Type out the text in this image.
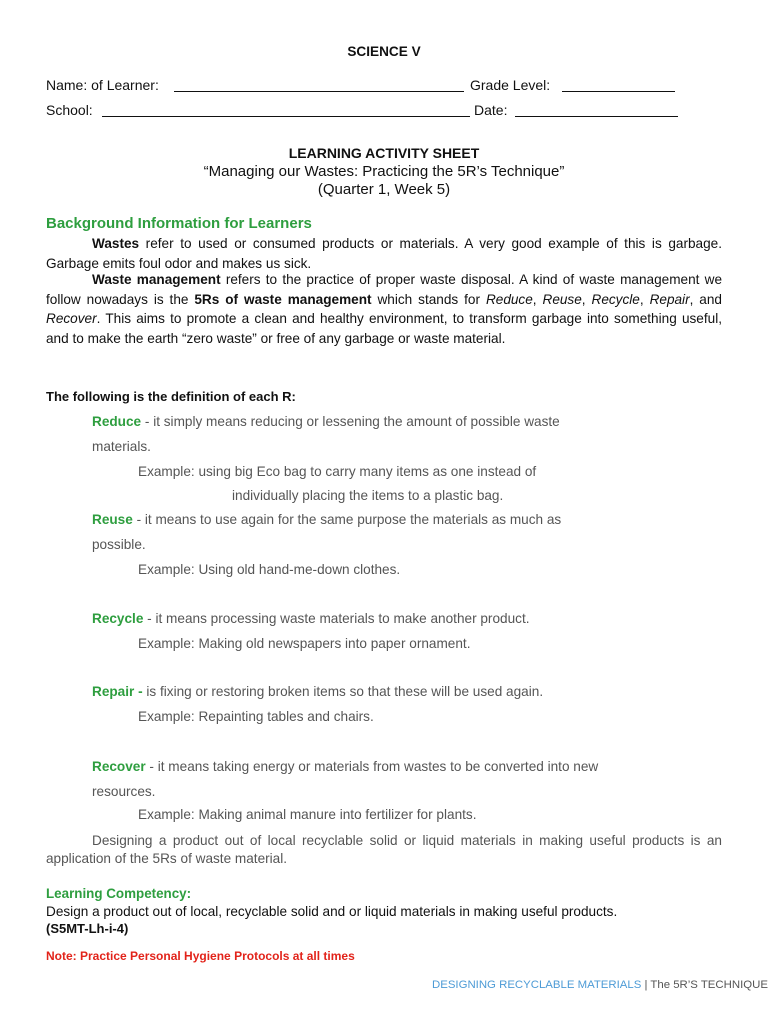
SCIENCE V
Name: of Learner:	Grade Level:
School:	Date:
LEARNING ACTIVITY SHEET
“Managing our Wastes: Practicing the 5R’s Technique”
(Quarter 1, Week 5)
Background Information for Learners

Wastes refer to used or consumed products or materials. A very good example of this is garbage. Garbage emits foul odor and makes us sick.

Waste management refers to the practice of proper waste disposal. A kind of waste management we follow nowadays is the 5Rs of waste management which stands for Reduce, Reuse, Recycle, Repair, and Recover. This aims to promote a clean and healthy environment, to transform garbage into something useful, and to make the earth “zero waste” or free of any garbage or waste material.

The following is the definition of each R:
Reduce - it simply means reducing or lessening the amount of possible waste
materials.
Example: using big Eco bag to carry many items as one instead of
individually placing the items to a plastic bag.
Reuse - it means to use again for the same purpose the materials as much as
possible.
Example: Using old hand-me-down clothes.
Recycle - it means processing waste materials to make another product.
Example: Making old newspapers into paper ornament.
Repair - is fixing or restoring broken items so that these will be used again.
Example: Repainting tables and chairs.
Recover - it means taking energy or materials from wastes to be converted into new
resources.
Example: Making animal manure into fertilizer for plants.

Designing a product out of local recyclable solid or liquid materials in making useful products is an application of the 5Rs of waste material.

Learning Competency:
Design a product out of local, recyclable solid and or liquid materials in making useful products.
(S5MT-Lh-i-4)
Note: Practice Personal Hygiene Protocols at all times
DESIGNING RECYCLABLE MATERIALS | The 5R’S TECHNIQUE
